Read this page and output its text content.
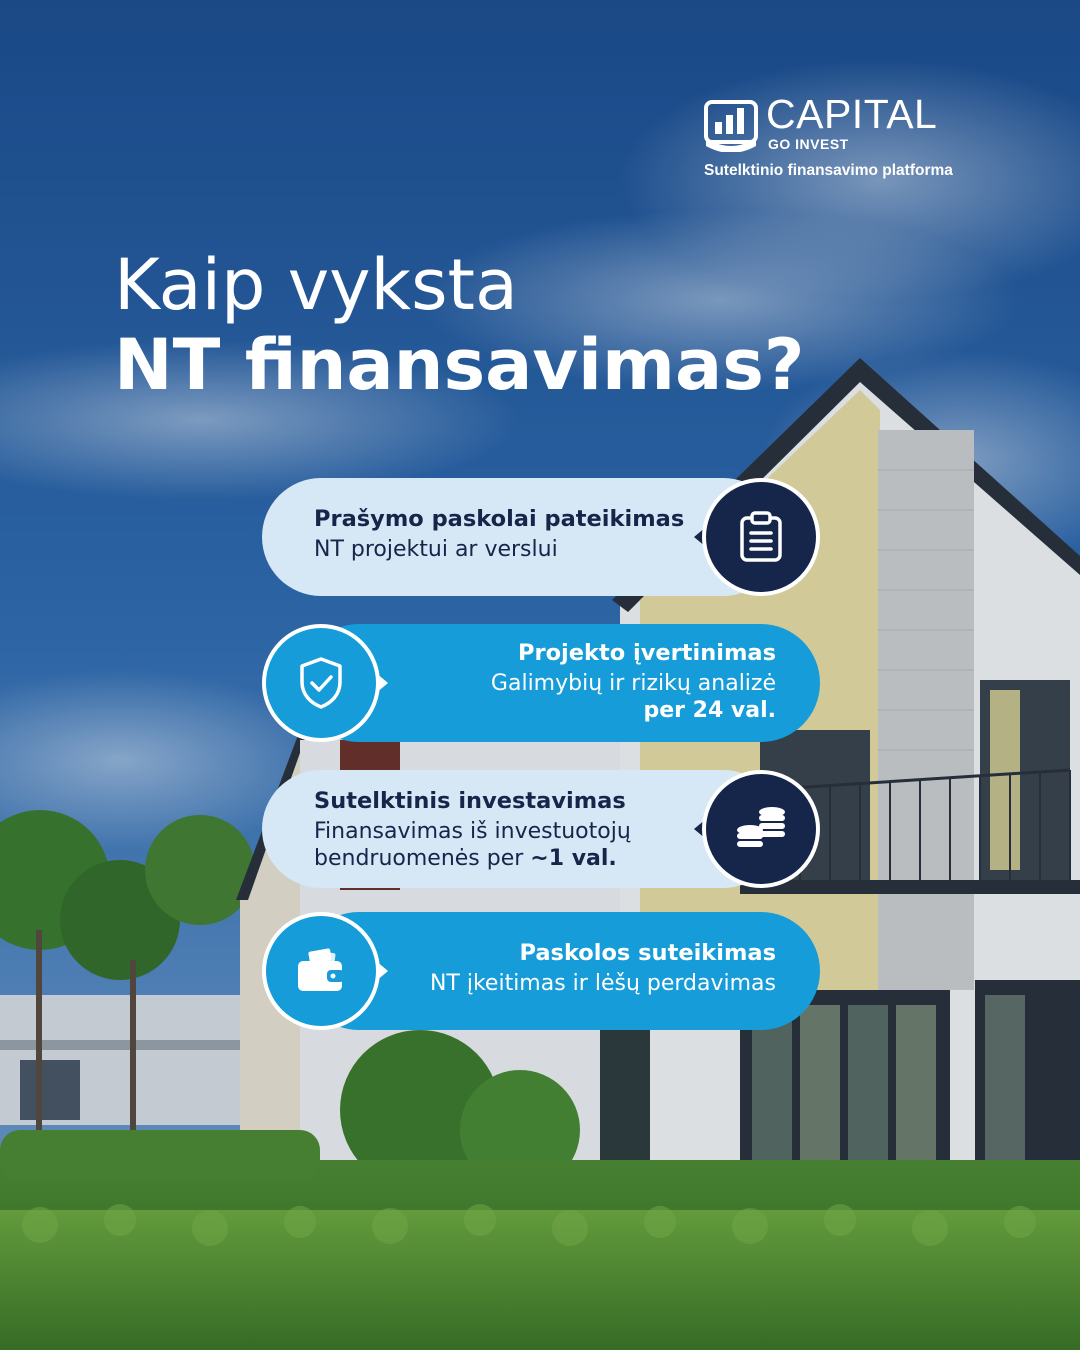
CAPITAL
GO INVEST
Sutelktinio finansavimo platforma
Kaip vyksta
NT finansavimas?
Prašymo paskolai pateikimas
NT projektui ar verslui
Projekto įvertinimas
Galimybių ir rizikų analizė
per 24 val.
Sutelktinis investavimas
Finansavimas iš investuotojų
bendruomenės per ~1 val.
Paskolos suteikimas
NT įkeitimas ir lėšų perdavimas
